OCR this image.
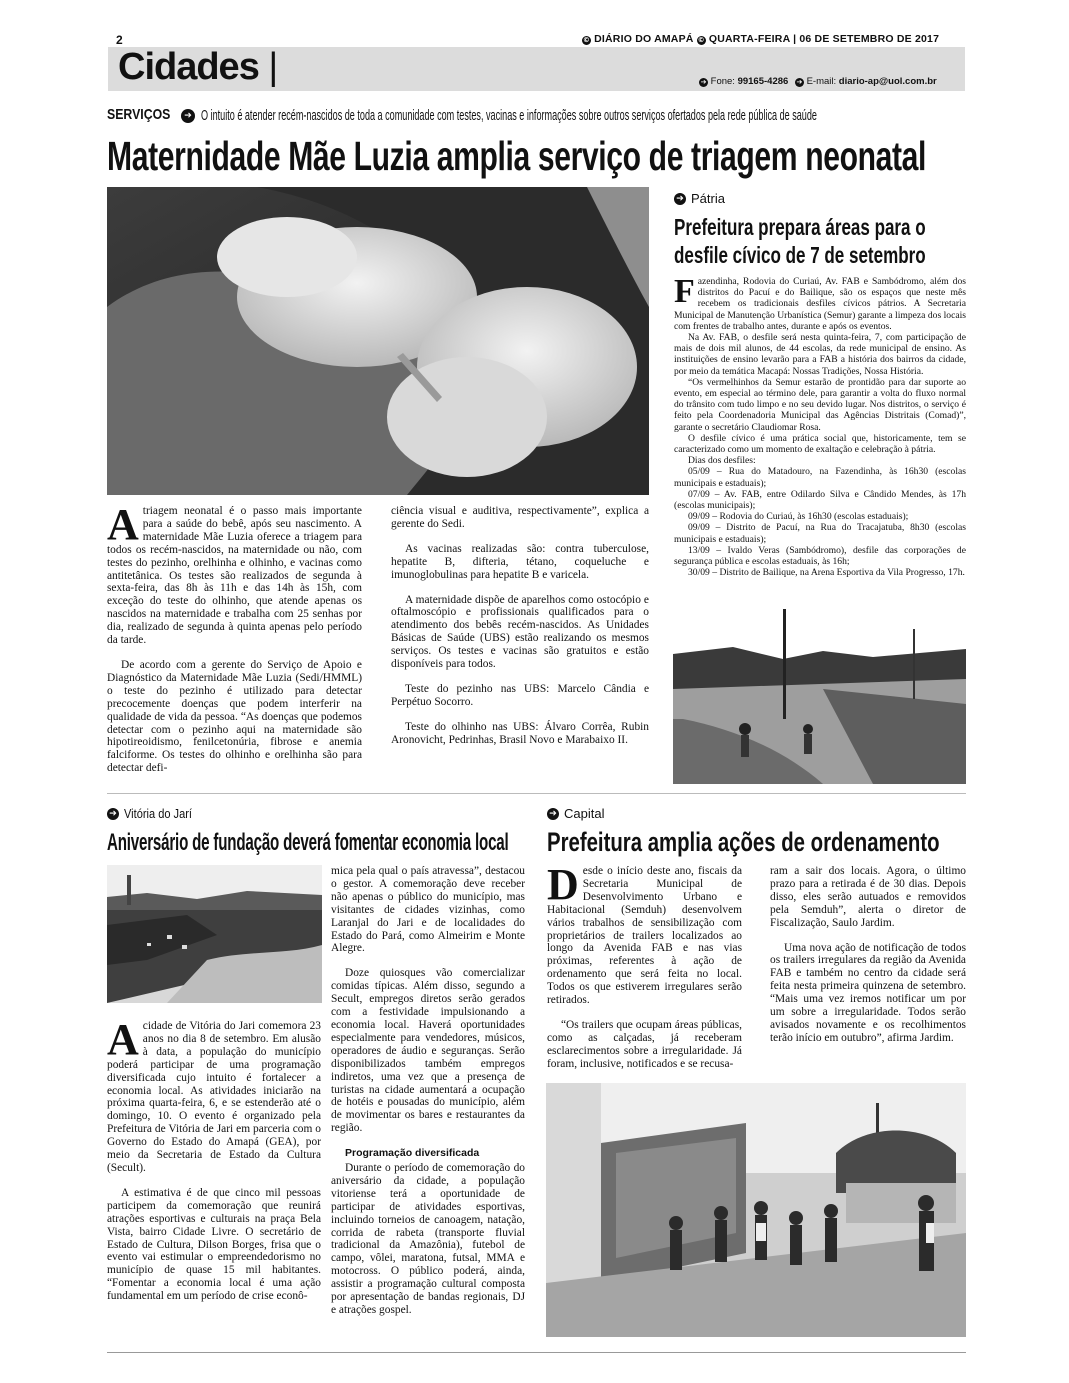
2	© DIÁRIO DO AMAPÁ © QUARTA-FEIRA | 06 DE SETEMBRO DE 2017
Cidades |	➔ Fone: 99165-4286 ➔ E-mail: diario-ap@uol.com.br
SERVIÇOS	➔ O intuito é atender recém-nascidos de toda a comunidade com testes, vacinas e informações sobre outros serviços ofertados pela rede pública de saúde
Maternidade Mãe Luzia amplia serviço de triagem neonatal

Atriagem neonatal é o passo mais importante para a saúde do bebê, após seu nascimento. A maternidade Mãe Luzia oferece a triagem para todos os recém-nascidos, na maternidade ou não, com testes do pezinho, orelhinha e olhinho, e vacinas como antitetânica. Os testes são realizados de segunda à sexta-feira, das 8h às 11h e das 14h às 15h, com exceção do teste do olhinho, que atende apenas os nascidos na maternidade e trabalha com 25 senhas por dia, realizado de segunda à quinta apenas pelo período da tarde.

De acordo com a gerente do Serviço de Apoio e Diagnóstico da Maternidade Mãe Luzia (Sedi/HMML) o teste do pezinho é utilizado para detectar precocemente doenças que podem interferir na qualidade de vida da pessoa. “As doenças que podemos detectar com o pezinho aqui na maternidade são hipotireoidismo, fenilcetonúria, fibrose e anemia falciforme. Os testes do olhinho e orelhinha são para detectar defi-

ciência visual e auditiva, respectivamente”, explica a gerente do Sedi.

As vacinas realizadas são: contra tuberculose, hepatite B, difteria, tétano, coqueluche e imunoglobulinas para hepatite B e varicela.

A maternidade dispõe de aparelhos como ostocópio e oftalmoscópio e profissionais qualificados para o atendimento dos bebês recém-nascidos. As Unidades Básicas de Saúde (UBS) estão realizando os mesmos serviços. Os testes e vacinas são gratuitos e estão disponíveis para todos.

Teste do pezinho nas UBS: Marcelo Cândia e Perpétuo Socorro.

Teste do olhinho nas UBS: Álvaro Corrêa, Rubin Aronovicht, Pedrinhas, Brasil Novo e Marabaixo II.

➔ Pátria
Prefeitura prepara áreas para o
desfile cívico de 7 de setembro

Fazendinha, Rodovia do Curiaú, Av. FAB e Sambódromo, além dos distritos do Pacuí e do Bailique, são os espaços que neste mês recebem os tradicionais desfiles cívicos pátrios. A Secretaria Municipal de Manutenção Urbanística (Semur) garante a limpeza dos locais com frentes de trabalho antes, durante e após os eventos.

Na Av. FAB, o desfile será nesta quinta-feira, 7, com participação de mais de dois mil alunos, de 44 escolas, da rede municipal de ensino. As instituições de ensino levarão para a FAB a história dos bairros da cidade, por meio da temática Macapá: Nossas Tradições, Nossa História.

“Os vermelhinhos da Semur estarão de prontidão para dar suporte ao evento, em especial ao término dele, para garantir a volta do fluxo normal do trânsito com tudo limpo e no seu devido lugar. Nos distritos, o serviço é feito pela Coordenadoria Municipal das Agências Distritais (Comad)”, garante o secretário Claudiomar Rosa.

O desfile cívico é uma prática social que, historicamente, tem se caracterizado como um momento de exaltação e celebração à pátria.

Dias dos desfiles:

05/09 – Rua do Matadouro, na Fazendinha, às 16h30 (escolas municipais e estaduais);

07/09 – Av. FAB, entre Odilardo Silva e Cândido Mendes, às 17h (escolas municipais);

09/09 – Rodovia do Curiaú, às 16h30 (escolas estaduais);

09/09 – Distrito de Pacuí, na Rua do Tracajatuba, 8h30 (escolas municipais e estaduais);

13/09 – Ivaldo Veras (Sambódromo), desfile das corporações de segurança pública e escolas estaduais, às 16h;

30/09 – Distrito de Bailique, na Arena Esportiva da Vila Progresso, 17h.

➔ Vitória do Jarí
Aniversário de fundação deverá fomentar economia local

Acidade de Vitória do Jari comemora 23 anos no dia 8 de setembro. Em alusão à data, a população do município poderá participar de uma programação diversificada cujo intuito é fortalecer a economia local. As atividades iniciarão na próxima quarta-feira, 6, e se estenderão até o domingo, 10. O evento é organizado pela Prefeitura de Vitória de Jari em parceria com o Governo do Estado do Amapá (GEA), por meio da Secretaria de Estado da Cultura (Secult).

A estimativa é de que cinco mil pessoas participem da comemoração que reunirá atrações esportivas e culturais na praça Bela Vista, bairro Cidade Livre. O secretário de Estado de Cultura, Dilson Borges, frisa que o evento vai estimular o empreendedorismo no município de quase 15 mil habitantes. “Fomentar a economia local é uma ação fundamental em um período de crise econô-

mica pela qual o país atravessa”, destacou o gestor. A comemoração deve receber não apenas o público do município, mas visitantes de cidades vizinhas, como Laranjal do Jari e de localidades do Estado do Pará, como Almeirim e Monte Alegre.

Doze quiosques vão comercializar comidas típicas. Além disso, segundo a Secult, empregos diretos serão gerados com a festividade impulsionando a economia local. Haverá oportunidades especialmente para vendedores, músicos, operadores de áudio e seguranças. Serão disponibilizados também empregos indiretos, uma vez que a presença de turistas na cidade aumentará a ocupação de hotéis e pousadas do município, além de movimentar os bares e restaurantes da região.

Programação diversificada

Durante o período de comemoração do aniversário da cidade, a população vitoriense terá a oportunidade de participar de atividades esportivas, incluindo torneios de canoagem, natação, corrida de rabeta (transporte fluvial tradicional da Amazônia), futebol de campo, vôlei, maratona, futsal, MMA e motocross. O público poderá, ainda, assistir a programação cultural composta por apresentação de bandas regionais, DJ e atrações gospel.

➔ Capital
Prefeitura amplia ações de ordenamento

Desde o início deste ano, fiscais da Secretaria Municipal de Desenvolvimento Urbano e Habitacional (Semduh) desenvolvem vários trabalhos de sensibilização com proprietários de trailers localizados ao longo da Avenida FAB e nas vias próximas, referentes à ação de ordenamento que será feita no local. Todos os que estiverem irregulares serão retirados.

“Os trailers que ocupam áreas públicas, como as calçadas, já receberam esclarecimentos sobre a irregularidade. Já foram, inclusive, notificados e se recusa-

ram a sair dos locais. Agora, o último prazo para a retirada é de 30 dias. Depois disso, eles serão autuados e removidos pela Semduh”, alerta o diretor de Fiscalização, Saulo Jardim.

Uma nova ação de notificação de todos os trailers irregulares da região da Avenida FAB e também no centro da cidade será feita nesta primeira quinzena de setembro. “Mais uma vez iremos notificar um por um sobre a irregularidade. Todos serão avisados novamente e os recolhimentos terão início em outubro”, afirma Jardim.
